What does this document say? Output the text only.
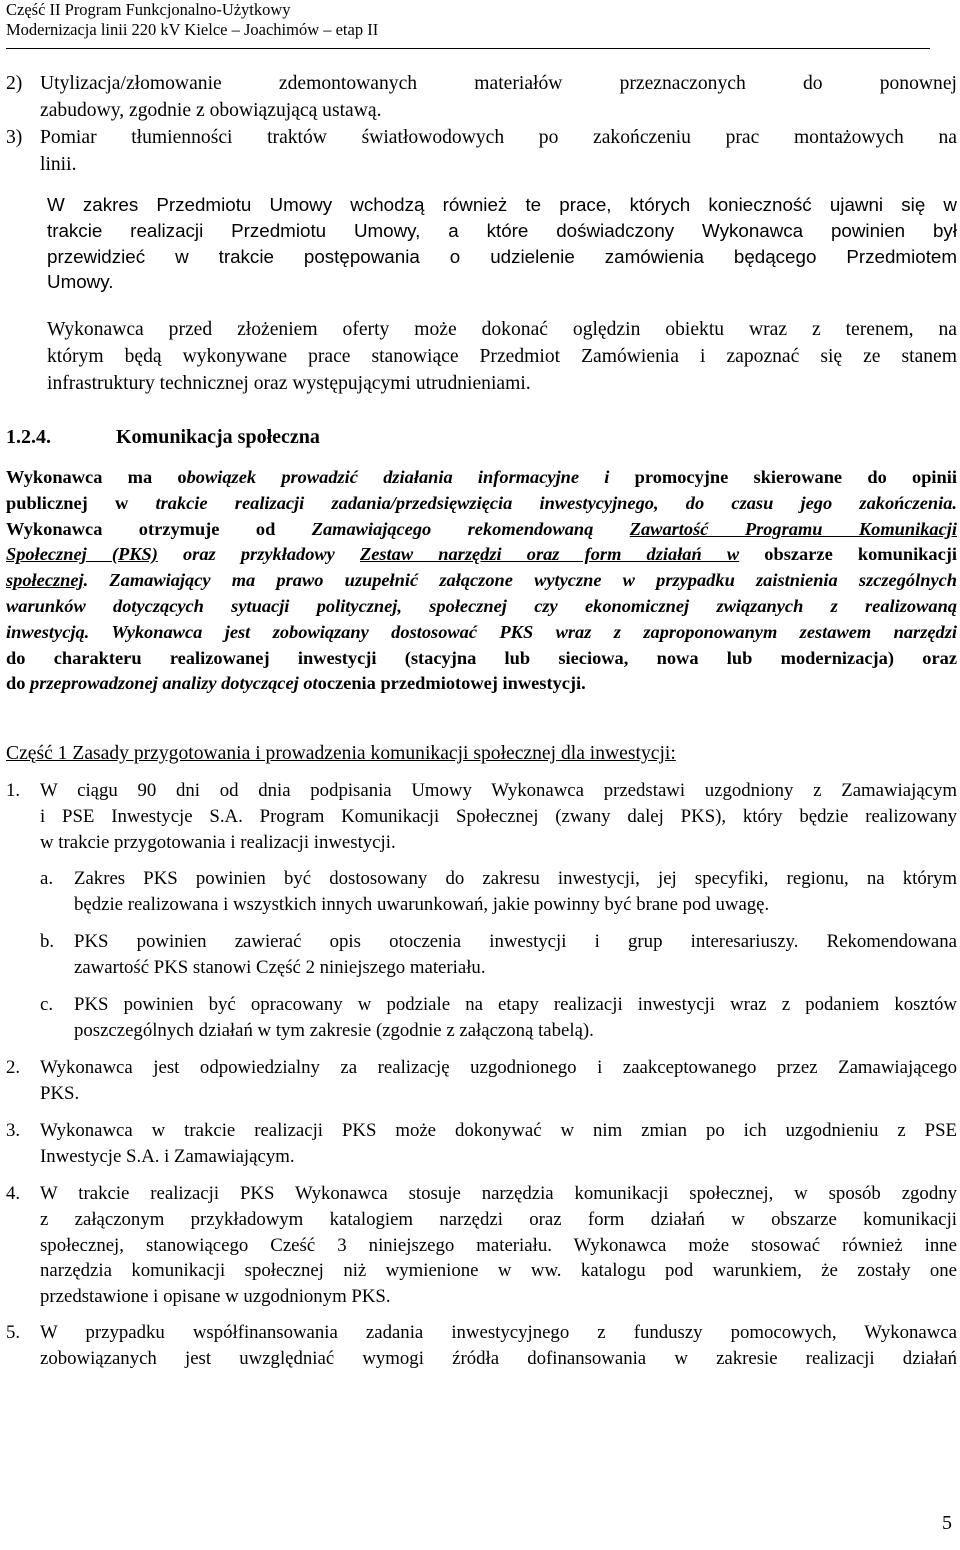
Część II Program Funkcjonalno-Użytkowy
Modernizacja linii 220 kV Kielce – Joachimów – etap II
2) Utylizacja/złomowanie zdemontowanych materiałów przeznaczonych do ponownej
zabudowy, zgodnie z obowiązującą ustawą.
3) Pomiar tłumienności traktów światłowodowych po zakończeniu prac montażowych na
linii.
W zakres Przedmiotu Umowy wchodzą również te prace, których konieczność ujawni się w
trakcie realizacji Przedmiotu Umowy, a które doświadczony Wykonawca powinien był
przewidzieć w trakcie postępowania o udzielenie zamówienia będącego Przedmiotem
Umowy.
Wykonawca przed złożeniem oferty może dokonać oględzin obiektu wraz z terenem, na
którym będą wykonywane prace stanowiące Przedmiot Zamówienia i zapoznać się ze stanem
infrastruktury technicznej oraz występującymi utrudnieniami.
1.2.4.	Komunikacja społeczna
Wykonawca ma obowiązek prowadzić działania informacyjne i promocyjne skierowane do opinii
publicznej w trakcie realizacji zadania/przedsięwzięcia inwestycyjnego, do czasu jego zakończenia.
Wykonawca otrzymuje od Zamawiającego rekomendowaną Zawartość Programu Komunikacji
Społecznej (PKS) oraz przykładowy Zestaw narzędzi oraz form działań w obszarze komunikacji
społecznej. Zamawiający ma prawo uzupełnić załączone wytyczne w przypadku zaistnienia szczególnych
warunków dotyczących sytuacji politycznej, społecznej czy ekonomicznej związanych z realizowaną
inwestycją. Wykonawca jest zobowiązany dostosować PKS wraz z zaproponowanym zestawem narzędzi
do charakteru realizowanej inwestycji (stacyjna lub sieciowa, nowa lub modernizacja) oraz
do przeprowadzonej analizy dotyczącej otoczenia przedmiotowej inwestycji.
Część 1 Zasady przygotowania i prowadzenia komunikacji społecznej dla inwestycji:
1. W ciągu 90 dni od dnia podpisania Umowy Wykonawca przedstawi uzgodniony z Zamawiającym
i PSE Inwestycje S.A. Program Komunikacji Społecznej (zwany dalej PKS), który będzie realizowany
w trakcie przygotowania i realizacji inwestycji.
a. Zakres PKS powinien być dostosowany do zakresu inwestycji, jej specyfiki, regionu, na którym
będzie realizowana i wszystkich innych uwarunkowań, jakie powinny być brane pod uwagę.
b. PKS powinien zawierać opis otoczenia inwestycji i grup interesariuszy. Rekomendowana
zawartość PKS stanowi Część 2 niniejszego materiału.
c. PKS powinien być opracowany w podziale na etapy realizacji inwestycji wraz z podaniem kosztów
poszczególnych działań w tym zakresie (zgodnie z załączoną tabelą).
2. Wykonawca jest odpowiedzialny za realizację uzgodnionego i zaakceptowanego przez Zamawiającego
PKS.
3. Wykonawca w trakcie realizacji PKS może dokonywać w nim zmian po ich uzgodnieniu z PSE
Inwestycje S.A. i Zamawiającym.
4. W trakcie realizacji PKS Wykonawca stosuje narzędzia komunikacji społecznej, w sposób zgodny
z załączonym przykładowym katalogiem narzędzi oraz form działań w obszarze komunikacji
społecznej, stanowiącego Cześć 3 niniejszego materiału. Wykonawca może stosować również inne
narzędzia komunikacji społecznej niż wymienione w ww. katalogu pod warunkiem, że zostały one
przedstawione i opisane w uzgodnionym PKS.
5. W przypadku współfinansowania zadania inwestycyjnego z funduszy pomocowych, Wykonawca
zobowiązanych jest uwzględniać wymogi źródła dofinansowania w zakresie realizacji działań
5
